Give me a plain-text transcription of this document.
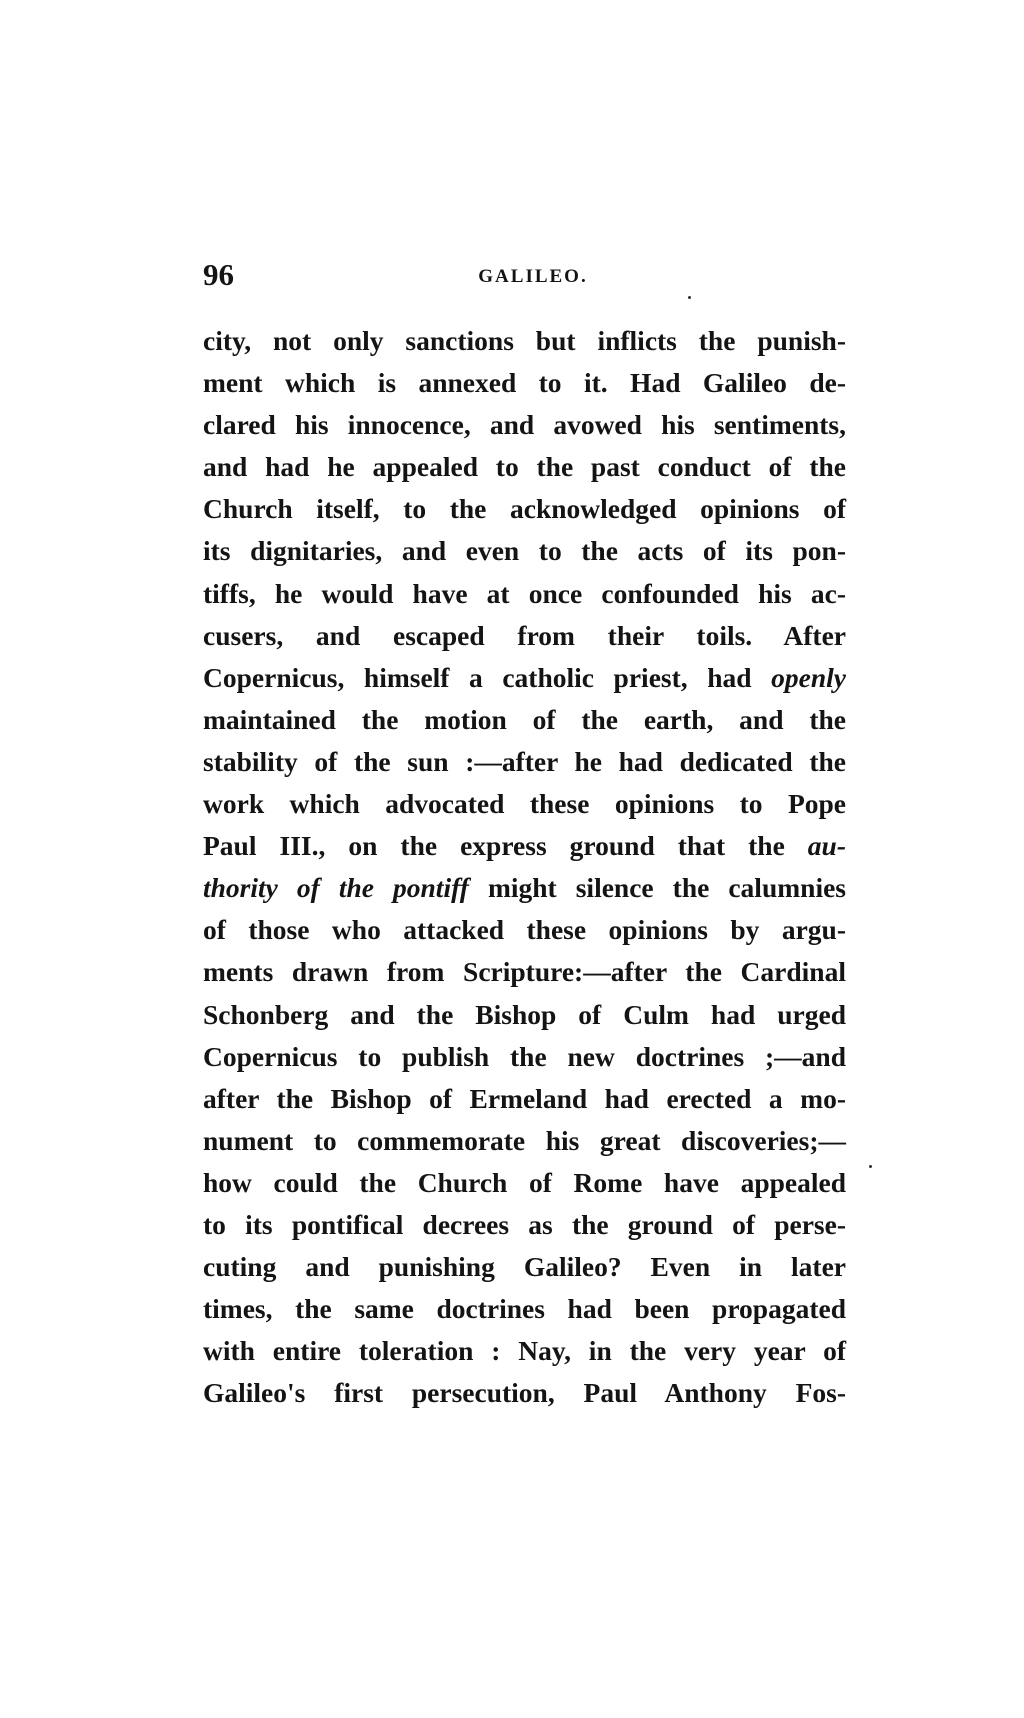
96	GALILEO.
city, not only sanctions but inflicts the punish-
ment which is annexed to it. Had Galileo de-
clared his innocence, and avowed his sentiments,
and had he appealed to the past conduct of the
Church itself, to the acknowledged opinions of
its dignitaries, and even to the acts of its pon-
tiffs, he would have at once confounded his ac-
cusers, and escaped from their toils. After
Copernicus, himself a catholic priest, had openly
maintained the motion of the earth, and the
stability of the sun :—after he had dedicated the
work which advocated these opinions to Pope
Paul III., on the express ground that the au-
thority of the pontiff might silence the calumnies
of those who attacked these opinions by argu-
ments drawn from Scripture:—after the Cardinal
Schonberg and the Bishop of Culm had urged
Copernicus to publish the new doctrines ;—and
after the Bishop of Ermeland had erected a mo-
nument to commemorate his great discoveries;—
how could the Church of Rome have appealed
to its pontifical decrees as the ground of perse-
cuting and punishing Galileo? Even in later
times, the same doctrines had been propagated
with entire toleration : Nay, in the very year of
Galileo's first persecution, Paul Anthony Fos-
